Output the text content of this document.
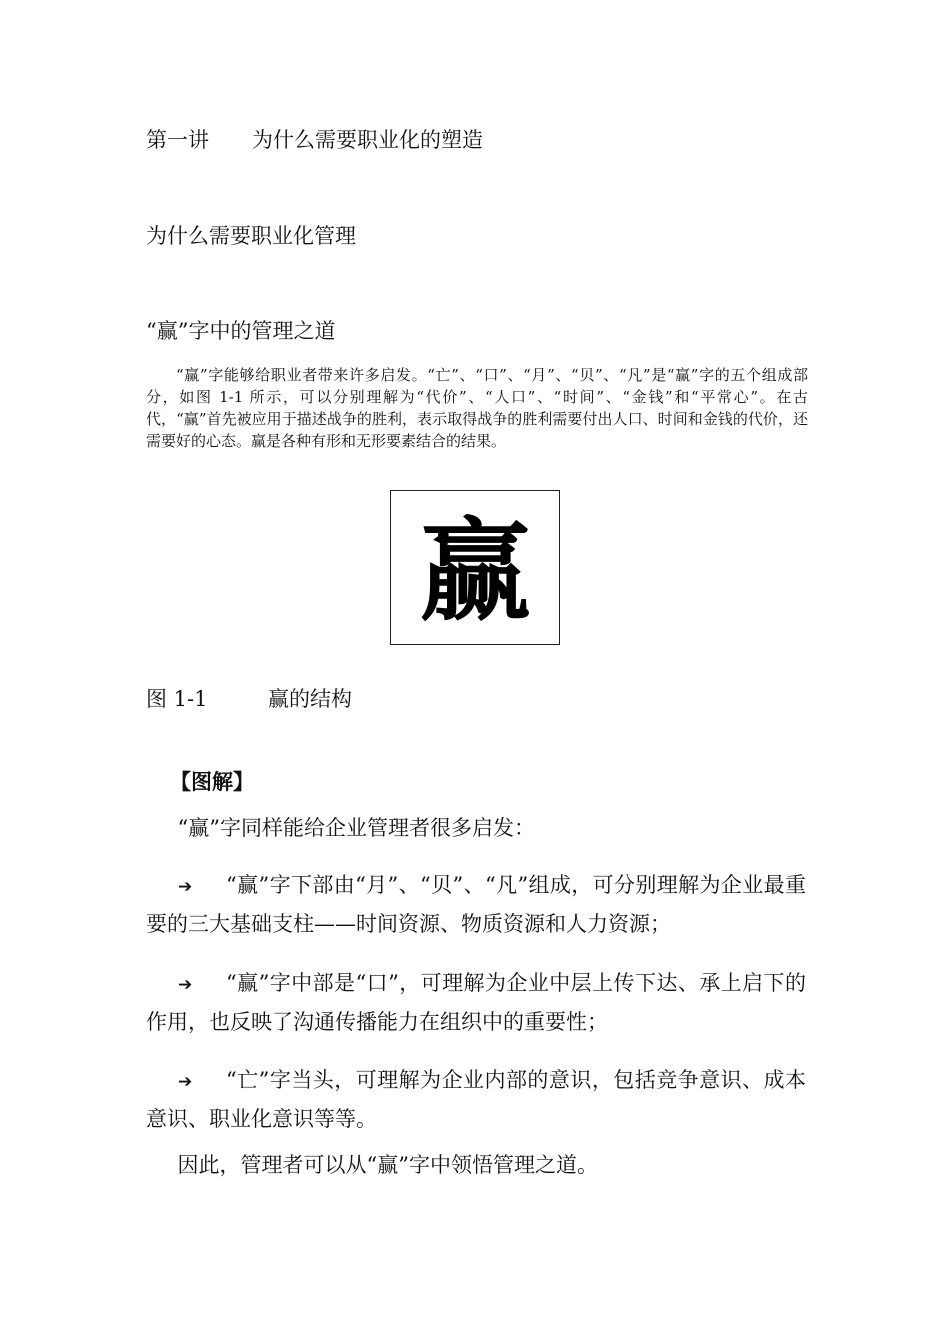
第一讲 为什么需要职业化的塑造
为什么需要职业化管理
“赢”字中的管理之道

“赢”字能够给职业者带来许多启发。“亡”、“口”、“月”、“贝”、“凡”是“赢”字的五个组成部分，如图 1-1 所示，可以分别理解为“代价”、“人口”、“时间”、“金钱”和“平常心”。在古代，“赢”首先被应用于描述战争的胜利，表示取得战争的胜利需要付出人口、时间和金钱的代价，还需要好的心态。赢是各种有形和无形要素结合的结果。

赢
图 1-1	赢的结构
【图解】

“赢”字同样能给企业管理者很多启发：

➔ “赢”字下部由“月”、“贝”、“凡”组成，可分别理解为企业最重要的三大基础支柱——时间资源、物质资源和人力资源；

➔ “赢”字中部是“口”，可理解为企业中层上传下达、承上启下的作用，也反映了沟通传播能力在组织中的重要性；

➔ “亡”字当头，可理解为企业内部的意识，包括竞争意识、成本意识、职业化意识等等。

因此，管理者可以从“赢”字中领悟管理之道。
